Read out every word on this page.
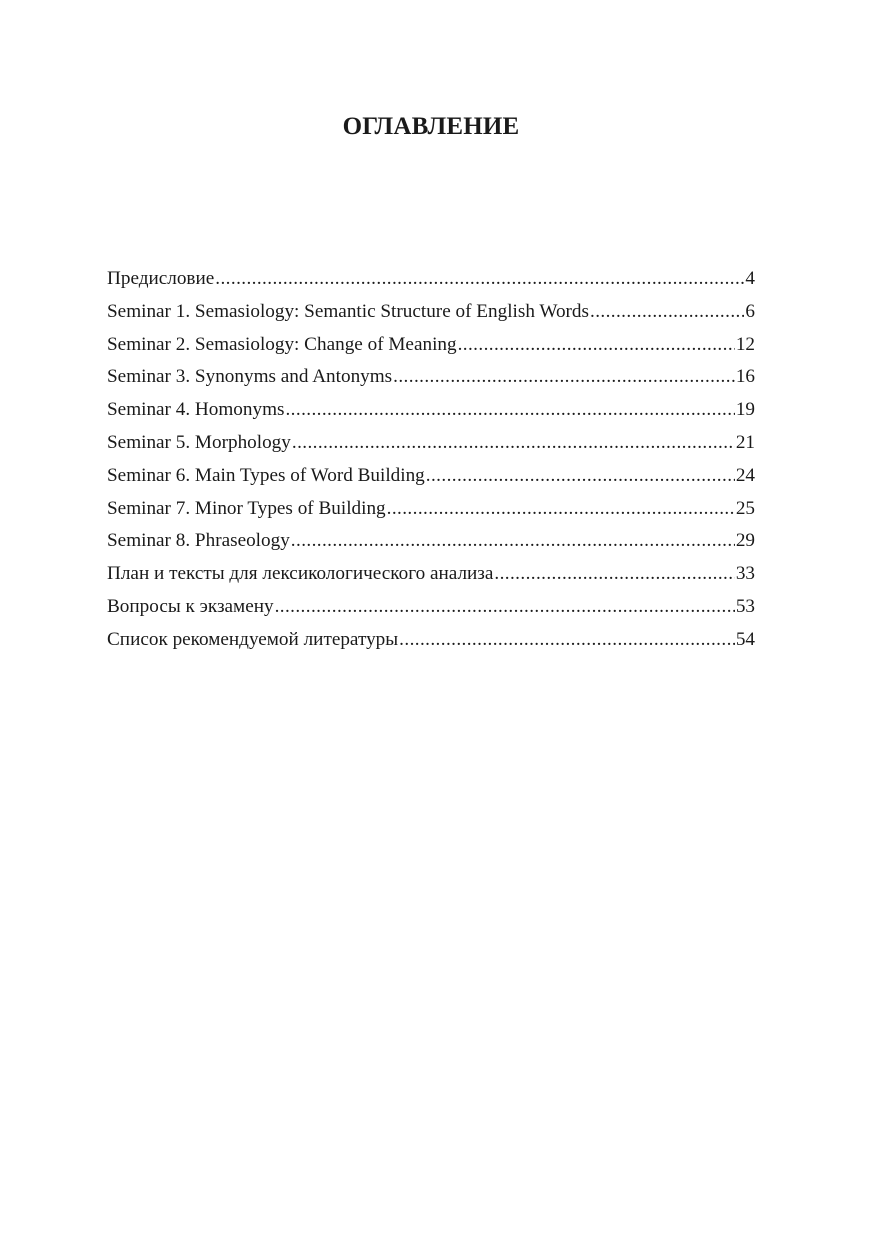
ОГЛАВЛЕНИЕ
Предисловие .....	4
Seminar 1. Semasiology: Semantic Structure of English Words .....	6
Seminar 2. Semasiology: Change of Meaning .....	12
Seminar 3. Synonyms and Antonyms .....	16
Seminar 4. Homonyms .....	19
Seminar 5. Morphology .....	21
Seminar 6. Main Types of Word Building .....	24
Seminar 7. Minor Types of Building .....	25
Seminar 8. Phraseology .....	29
План и тексты для лексикологического анализа .....	33
Вопросы к экзамену .....	53
Список рекомендуемой литературы .....	54
